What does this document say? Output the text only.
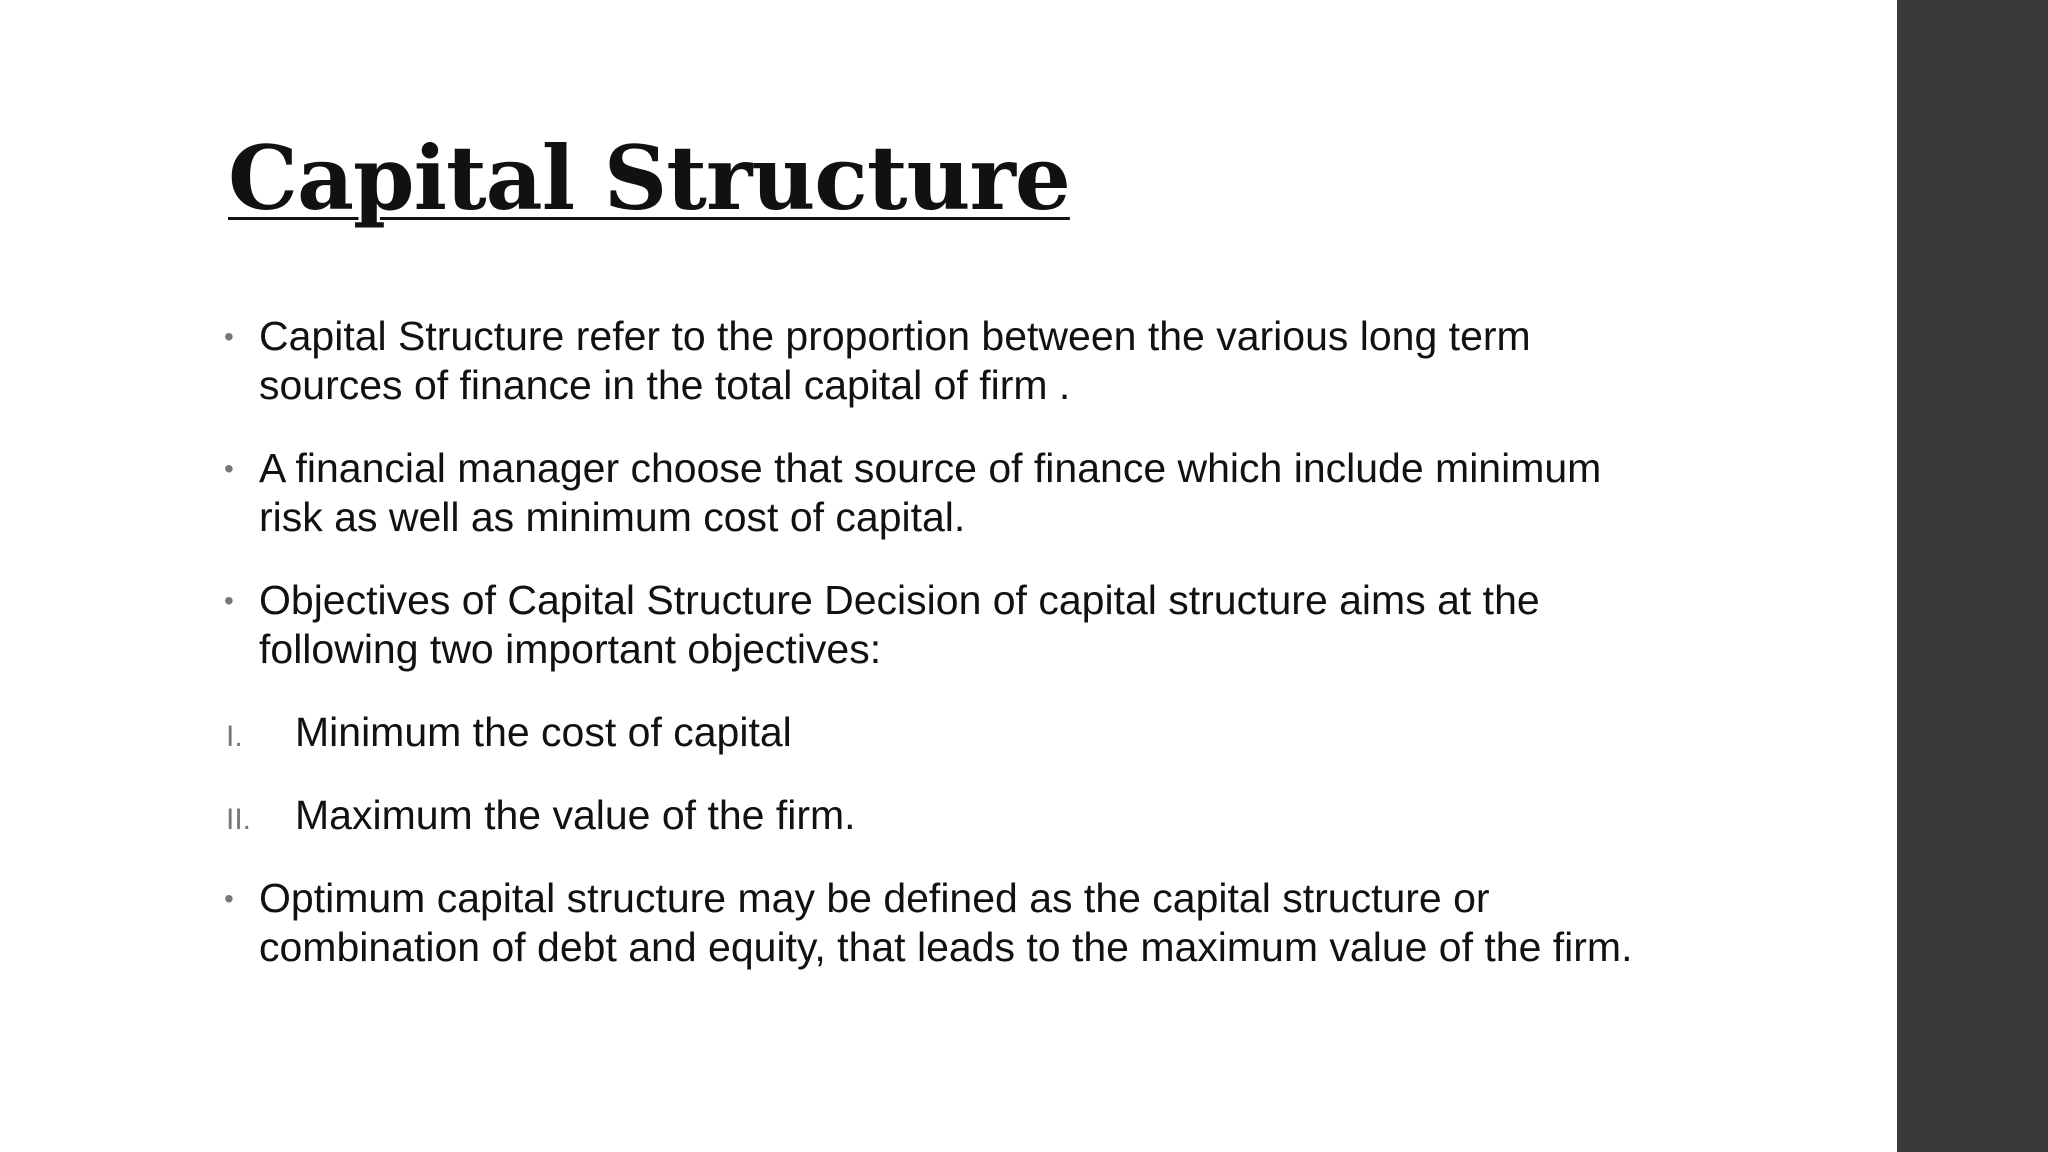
Capital Structure
• Capital Structure refer to the proportion between the various long term sources of finance in the total capital of firm .
• A financial manager choose that source of finance which include minimum risk as well as minimum cost of capital.
• Objectives of Capital Structure Decision of capital structure aims at the following two important objectives:
I. Minimum the cost of capital
II. Maximum the value of the firm.
• Optimum capital structure may be defined as the capital structure or combination of debt and equity, that leads to the maximum value of the firm.
